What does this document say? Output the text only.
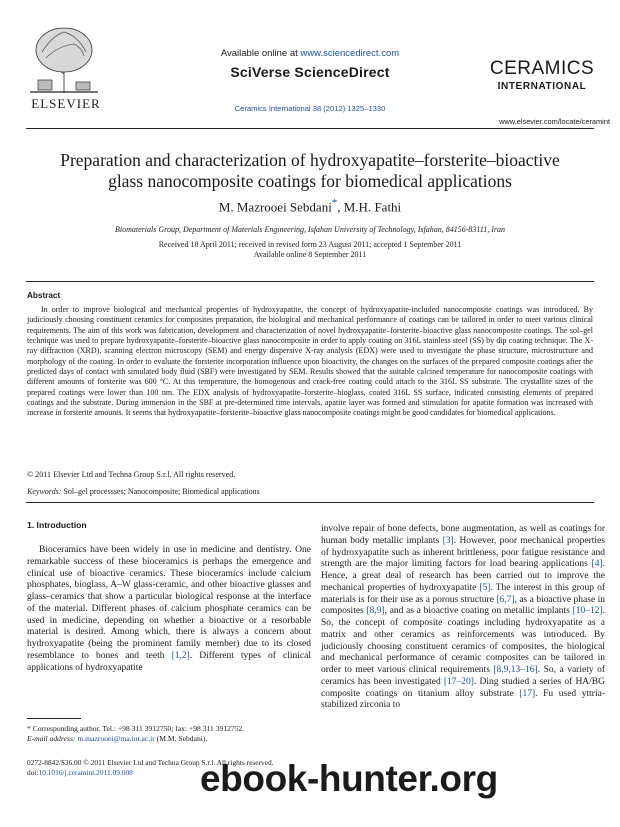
ELSEVIER
Available online at www.sciencedirect.com
SciVerse ScienceDirect
Ceramics International 38 (2012) 1325–1330
CERAMICS
INTERNATIONAL
www.elsevier.com/locate/ceramint
Preparation and characterization of hydroxyapatite–forsterite–bioactive
glass nanocomposite coatings for biomedical applications
M. Mazrooei Sebdani*, M.H. Fathi
Biomaterials Group, Department of Materials Engineering, Isfahan University of Technology, Isfahan, 84156-83111, Iran
Received 18 April 2011; received in revised form 23 August 2011; accepted 1 September 2011
Available online 8 September 2011
Abstract

In order to improve biological and mechanical properties of hydroxyapatite, the concept of hydroxyapatite-included nanocomposite coatings was introduced. By judiciously choosing constituent ceramics for composites preparation, the biological and mechanical performance of coatings can be tailored in order to meet various clinical requirements. The aim of this work was fabrication, development and characterization of novel hydroxyapatite–forsterite–bioactive glass nanocomposite coatings. The sol–gel technique was used to prepare hydroxyapatite–forsterite–bioactive glass nanocomposite in order to apply coating on 316L stainless steel (SS) by dip coating technique. The X-ray diffraction (XRD), scanning electron microscopy (SEM) and energy dispersive X-ray analysis (EDX) were used to investigate the phase structure, microstructure and morphology of the coating. In order to evaluate the forsterite incorporation influence upon bioactivity, the changes on the surfaces of the prepared composite coatings after the predicted days of contact with simulated body fluid (SBF) were investigated by SEM. Results showed that the suitable calcined temperature for nanocomposite coatings with different amounts of forsterite was 600 °C. At this temperature, the homogenous and crack-free coating could attach to the 316L SS substrate. The crystallite sizes of the prepared coatings were lower than 100 nm. The EDX analysis of hydroxyapatite–forsterite–bioglass, coated 316L SS surface, indicated consisting elements of prepared coatings and the substrate. During immersion in the SBF at pre-determined time intervals, apatite layer was formed and stimulation for apatite formation was increased with increase in forsterite amounts. It seems that hydroxyapatite–forsterite–bioactive glass nanocomposite coatings might be good candidates for biomedical applications.

© 2011 Elsevier Ltd and Techna Group S.r.l. All rights reserved.
Keywords: Sol–gel processses; Nanocomposite; Biomedical applications
1. Introduction

Bioceramics have been widely in use in medicine and dentistry. One remarkable success of these bioceramics is perhaps the emergence and clinical use of bioactive ceramics. These bioceramics include calcium phosphates, bioglass, A–W glass-ceramic, and other bioactive glasses and glass–ceramics that show a particular biological response at the interface of the material. Different phases of calcium phosphate ceramics can be used in medicine, depending on whether a bioactive or a resorbable material is desired. Among which, there is always a concern about hydroxyapatite (being the prominent family member) due to its closed resemblance to bones and teeth [1,2]. Different types of clinical applications of hydroxyapatite

involve repair of bone defects, bone augmentation, as well as coatings for human body metallic implants [3]. However, poor mechanical properties of hydroxyapatite such as inherent brittleness, poor fatigue resistance and strength are the major limiting factors for load bearing applications [4]. Hence, a great deal of research has been carried out to improve the mechanical properties of hydroxyapatite [5]. The interest in this group of materials is for their use as a porous structure [6,7], as a bioactive phase in composites [8,9], and as a bioactive coating on metallic implants [10–12]. So, the concept of composite coatings including hydroxyapatite as a matrix and other ceramics as reinforcements was introduced. By judiciously choosing constituent ceramics of composites, the biological and mechanical performance of ceramic composites can be tailored in order to meet various clinical requirements [8,9,13–16]. So, a variety of ceramics has been investigated [17–20]. Ding studied a series of HA/BG composite coatings on titanium alloy substrate [17]. Fu used yttria-stabilized zirconia to

* Corresponding author. Tel.: +98 311 3912750; fax: +98 311 3912752.
E-mail address: m.mazrooei@ma.iut.ac.ir (M.M. Sebdani).
0272-8842/$36.00 © 2011 Elsevier Ltd and Techna Group S.r.l. All rights reserved.
doi:10.1016/j.ceramint.2011.09.008	ebook-hunter.org
